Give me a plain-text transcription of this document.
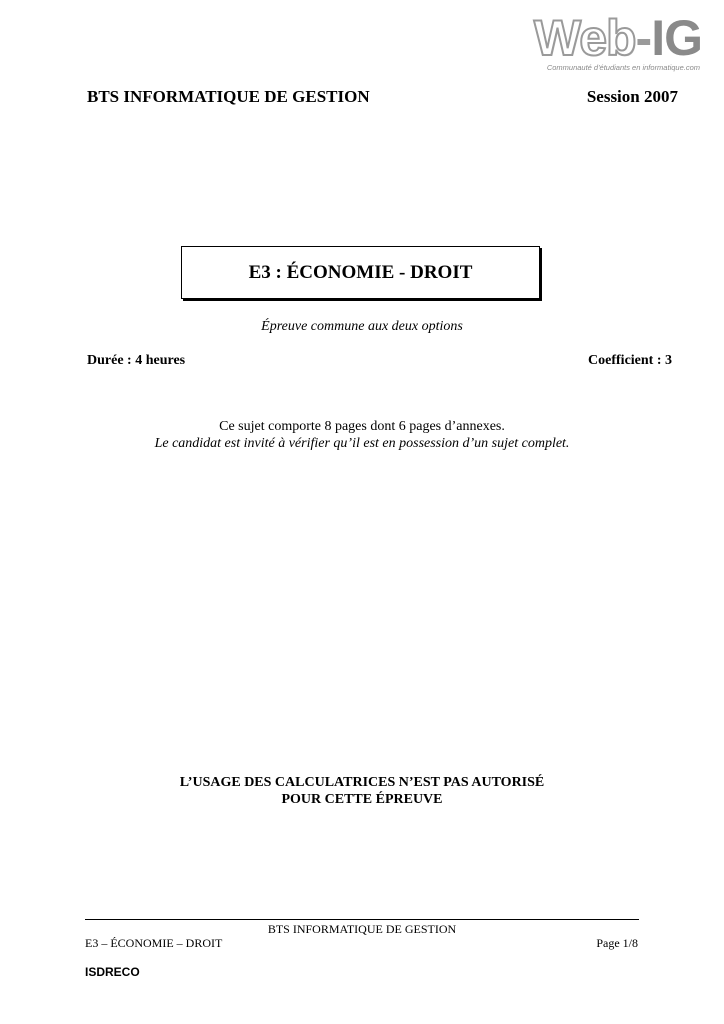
Web-IG
Communauté d'étudiants en informatique.com
BTS INFORMATIQUE DE GESTION	Session 2007
E3 : ÉCONOMIE - DROIT
Épreuve commune aux deux options
Durée : 4 heures	Coefficient : 3
Ce sujet comporte 8 pages dont 6 pages d’annexes.
Le candidat est invité à vérifier qu’il est en possession d’un sujet complet.
L’USAGE DES CALCULATRICES N’EST PAS AUTORISÉ
POUR CETTE ÉPREUVE
BTS INFORMATIQUE DE GESTION
E3 – ÉCONOMIE – DROIT	Page 1/8
ISDRECO
